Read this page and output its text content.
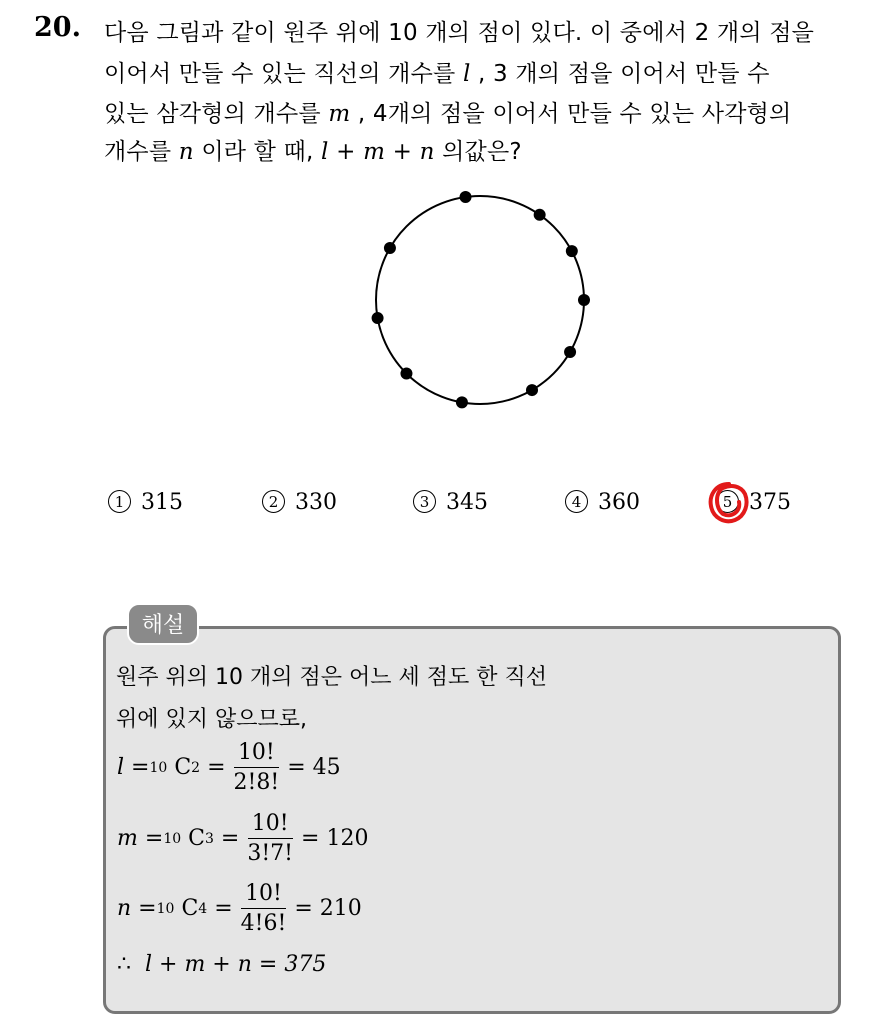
20. 다음 그림과 같이 원주 위에 10 개의 점이 있다. 이 중에서 2 개의 점을
이어서 만들 수 있는 직선의 개수를 l , 3 개의 점을 이어서 만들 수
있는 삼각형의 개수를 m , 4개의 점을 이어서 만들 수 있는 사각형의
개수를 n 이라 할 때, l + m + n 의값은?
1 315	2 330	3 345	4 360	5 375
해설
원주 위의 10 개의 점은 어느 세 점도 한 직선
위에 있지 않으므로,
l = 10
C $2 = \frac{10!}{2!8!} = 45$
m = 10
C $3 = \frac{10!}{3!7!} = 120$
n = 10
C $4 = \frac{10!}{4!6!} = 210$
∴
l + m + n = 375
